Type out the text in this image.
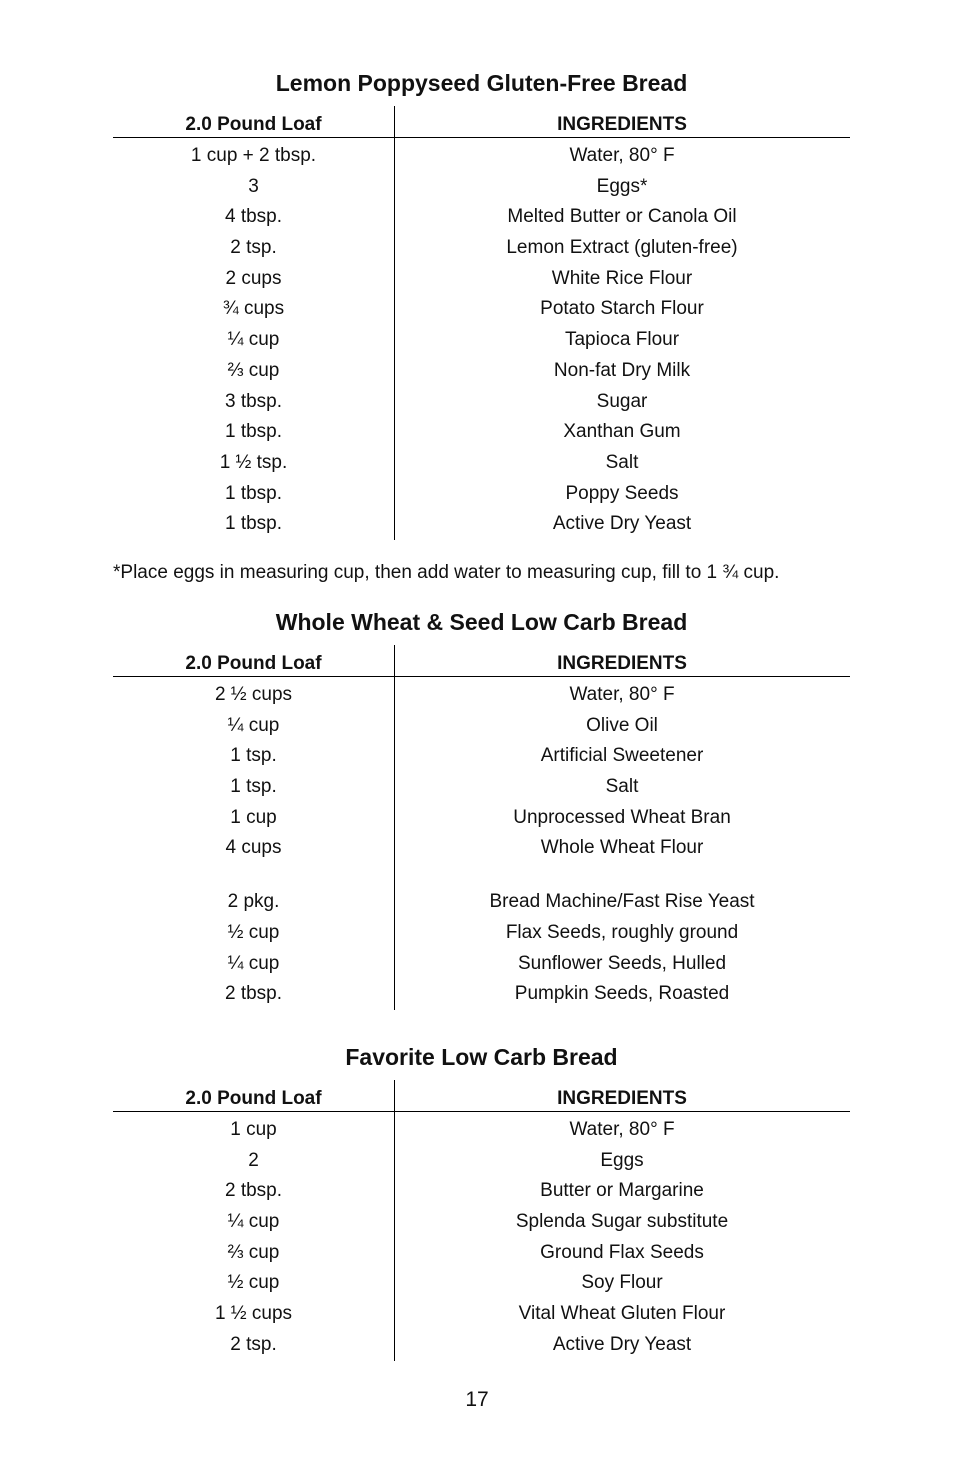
Lemon Poppyseed Gluten-Free Bread
2.0 Pound Loaf	INGREDIENTS
1 cup + 2 tbsp.	Water, 80° F
3	Eggs*
4 tbsp.	Melted Butter or Canola Oil
2 tsp.	Lemon Extract (gluten-free)
2 cups	White Rice Flour
¾ cups	Potato Starch Flour
¼ cup	Tapioca Flour
⅔ cup	Non-fat Dry Milk
3 tbsp.	Sugar
1 tbsp.	Xanthan Gum
1 ½ tsp.	Salt
1 tbsp.	Poppy Seeds
1 tbsp.	Active Dry Yeast

*Place eggs in measuring cup, then add water to measuring cup, fill to 1 ¾ cup.

Whole Wheat & Seed Low Carb Bread
2.0 Pound Loaf	INGREDIENTS
2 ½ cups	Water, 80° F
¼ cup	Olive Oil
1 tsp.	Artificial Sweetener
1 tsp.	Salt
1 cup	Unprocessed Wheat Bran
4 cups	Whole Wheat Flour
2 pkg.	Bread Machine/Fast Rise Yeast
½ cup	Flax Seeds, roughly ground
¼ cup	Sunflower Seeds, Hulled
2 tbsp.	Pumpkin Seeds, Roasted
Favorite Low Carb Bread
2.0 Pound Loaf	INGREDIENTS
1 cup	Water, 80° F
2	Eggs
2 tbsp.	Butter or Margarine
¼ cup	Splenda Sugar substitute
⅔ cup	Ground Flax Seeds
½ cup	Soy Flour
1 ½ cups	Vital Wheat Gluten Flour
2 tsp.	Active Dry Yeast
17
